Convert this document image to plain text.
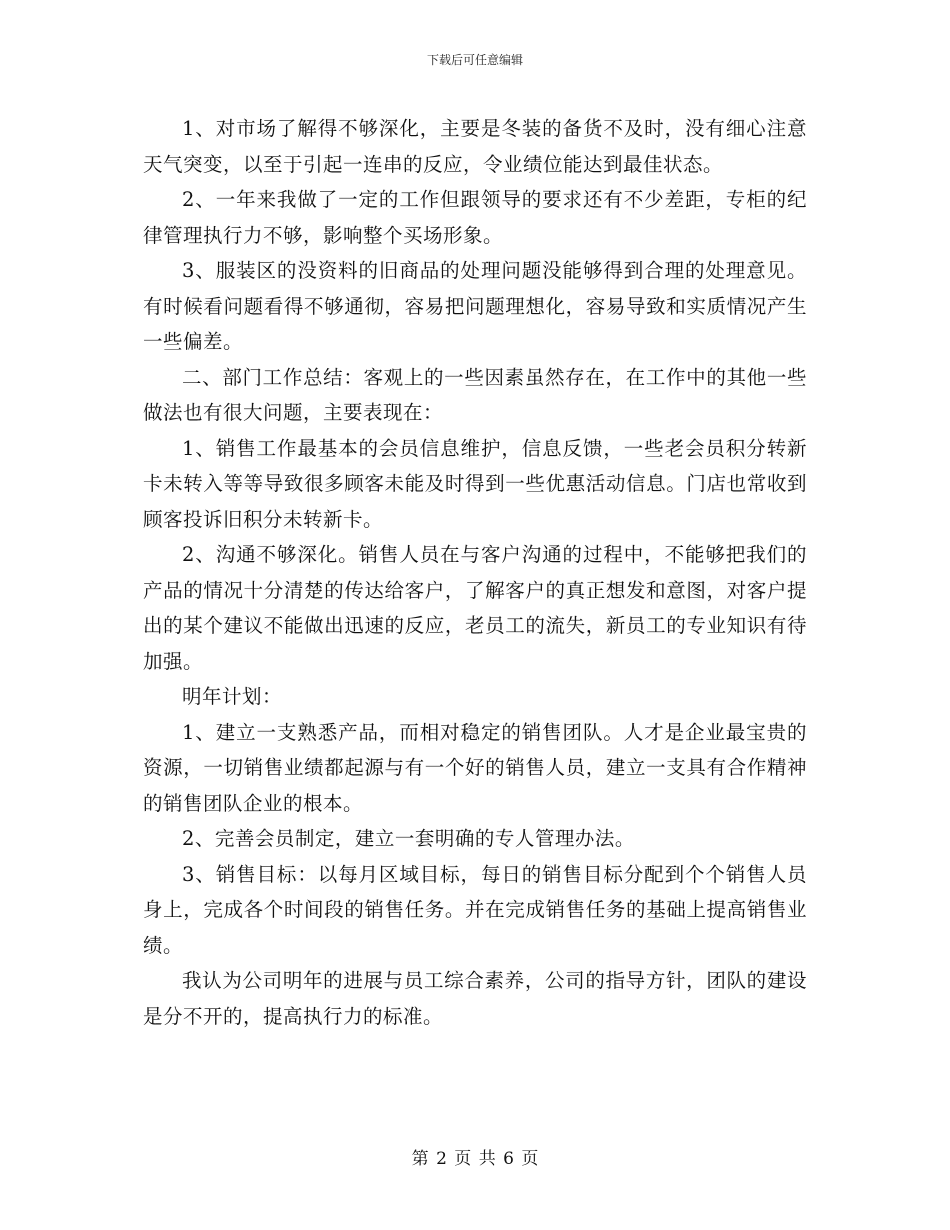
下载后可任意编辑

1、对市场了解得不够深化，主要是冬装的备货不及时，没有细心注意天气突变，以至于引起一连串的反应，令业绩位能达到最佳状态。

2、一年来我做了一定的工作但跟领导的要求还有不少差距，专柜的纪律管理执行力不够，影响整个买场形象。

3、服装区的没资料的旧商品的处理问题没能够得到合理的处理意见。有时候看问题看得不够通彻，容易把问题理想化，容易导致和实质情况产生一些偏差。

二、部门工作总结：客观上的一些因素虽然存在，在工作中的其他一些做法也有很大问题，主要表现在：

1、销售工作最基本的会员信息维护，信息反馈，一些老会员积分转新卡未转入等等导致很多顾客未能及时得到一些优惠活动信息。门店也常收到顾客投诉旧积分未转新卡。

2、沟通不够深化。销售人员在与客户沟通的过程中，不能够把我们的产品的情况十分清楚的传达给客户，了解客户的真正想发和意图，对客户提出的某个建议不能做出迅速的反应，老员工的流失，新员工的专业知识有待加强。

明年计划：

1、建立一支熟悉产品，而相对稳定的销售团队。人才是企业最宝贵的资源，一切销售业绩都起源与有一个好的销售人员，建立一支具有合作精神的销售团队企业的根本。

2、完善会员制定，建立一套明确的专人管理办法。

3、销售目标：以每月区域目标，每日的销售目标分配到个个销售人员身上，完成各个时间段的销售任务。并在完成销售任务的基础上提高销售业绩。

我认为公司明年的进展与员工综合素养，公司的指导方针，团队的建设是分不开的，提高执行力的标准。

第 2 页 共 6 页
